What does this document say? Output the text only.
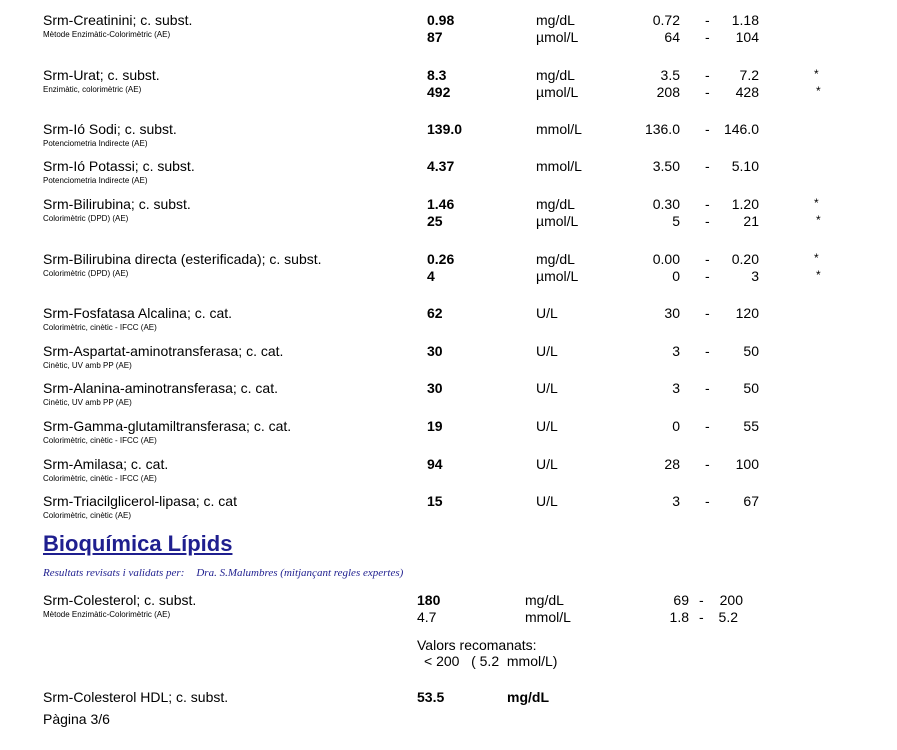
Srm-Creatinini; c. subst.
Mètode Enzimàtic-Colorimètric (AE)
0.98	mg/dL	0.72 -	1.18
87	µmol/L	64 -	104
Srm-Urat; c. subst.
Enzimàtic, colorimètric (AE)
8.3	mg/dL	3.5 -	7.2	*
492	µmol/L	208 -	428	*
Srm-Ió Sodi; c. subst.
Potenciometria Indirecte (AE)
139.0	mmol/L	136.0 -	146.0
Srm-Ió Potassi; c. subst.
Potenciometria Indirecte (AE)
4.37	mmol/L	3.50 -	5.10
Srm-Bilirubina; c. subst.
Colorimètric (DPD) (AE)
1.46	mg/dL	0.30 -	1.20	*
25	µmol/L	5 -	21	*
Srm-Bilirubina directa (esterificada); c. subst.
Colorimètric (DPD) (AE)
0.26	mg/dL	0.00 -	0.20	*
4	µmol/L	0 -	3	*
Srm-Fosfatasa Alcalina; c. cat.
Colorimètric, cinètic - IFCC (AE)
62	U/L	30 -	120
Srm-Aspartat-aminotransferasa; c. cat.
Cinètic, UV amb PP (AE)
30	U/L	3 -	50
Srm-Alanina-aminotransferasa; c. cat.
Cinètic, UV amb PP (AE)
30	U/L	3 -	50
Srm-Gamma-glutamiltransferasa; c. cat.
Colorimètric, cinètic - IFCC (AE)
19	U/L	0 -	55
Srm-Amilasa; c. cat.
Colorimètric, cinètic - IFCC (AE)
94	U/L	28 -	100
Srm-Triacilglicerol-lipasa; c. cat
Colorimètric, cinètic (AE)
15	U/L	3 -	67
Bioquímica Lípids
Resultats revisats i validats per: Dra. S.Malumbres (mitjançant regles expertes)
Srm-Colesterol; c. subst.
Mètode Enzimàtic-Colorimètric (AE)
180	mg/dL	69 -	200
4.7	mmol/L	1.8 -	5.2
Valors recomanats:
< 200   ( 5.2  mmol/L)
Srm-Colesterol HDL; c. subst.	53.5	mg/dL
Pàgina 3/6
